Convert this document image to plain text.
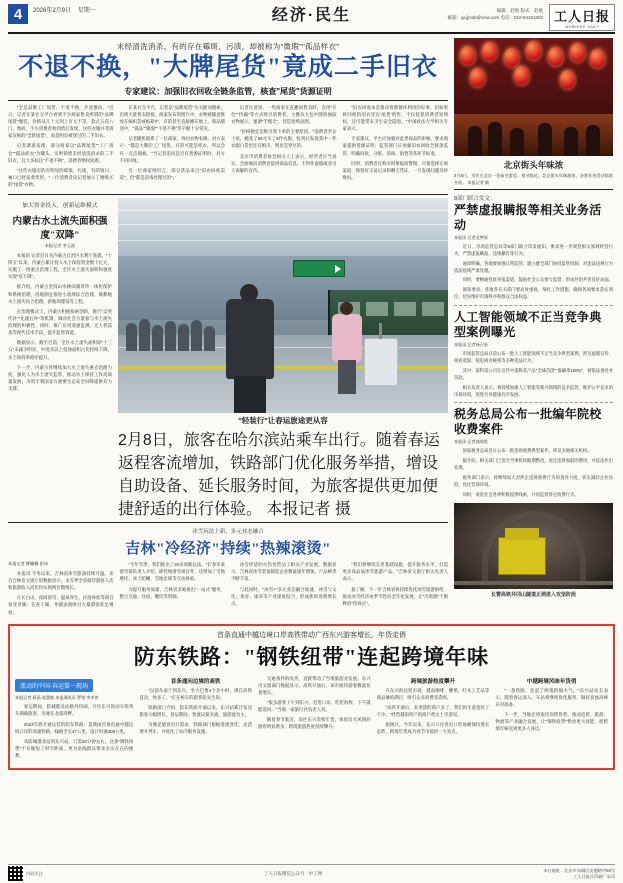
4	2026年2月9日 星期一	经济·民生	编辑：赵航 版式：赵航
邮箱：gr.jjmsb@sina.com 电话：010-84151602 工人日报
WORKERS' DAILY
未经清洗消杀、有的存在霉斑、污渍，却被称为"微瑕""孤品样衣"
不退不换，"大牌尾货"竟成二手旧衣
专家建议：加强旧衣回收全链条监管，核查"尾货"货源证明

"全是品牌工厂尾货，不退不换，介意慎拍。"近日，记者在某社交平台看到不少商家售卖所谓的"品牌尾货"服装，价格从几十元到上百元不等，款式五花八门。然而，不少消费者收到货后发现，这些衣服并非商家宣称的"全新尾货"，而是明显被穿过的二手旧衣。

记者调查发现，部分商家以"品牌尾货""工厂清仓""孤品样衣"为噱头，实则销售未经清洗消杀的二手旧衣，且大多标注"不退不换"，消费者维权困难。

"这些衣服有的有明显的霉斑、污渍，有的领口、袖口已经发黄变形。"一位消费者向记者展示了她购买的"尾货"衣物。

在某社交平台，记者以"品牌尾货"为关键词搜索，出现大量售卖链接。商家发布的图片中，衣物被随意堆放在编织袋或纸箱中，有的甚至直接摊在地上。商品描述中，"孤品""微瑕""不退不换"等字眼十分常见。

记者随机联系了一位商家，询问衣物来源。对方表示："都是大牌的工厂尾货，有的可能是样衣，所以会有一点点瑕疵。"当记者追问是否有货源证明时，对方不再回复。

另一位商家则坦言，部分货品来自"旧衣回收渠道"，但"都是消毒处理过的"。

记者注意到，一些商家在直播间售卖时，会用"开包""捡漏"等方式吸引消费者。主播从大包中随机抽取衣物展示，强调"手慢无"，营造抢购氛围。

"价格便宜是吸引我下单的主要原因。"消费者李女士说，她花了59元买了3件衣服，收到后发现其中一件衣服口袋里还有纸巾，明显是穿过的。

北京市消费者协会相关人士表示，经营者应当真实、全面地向消费者提供商品信息，不得作虚假或者引人误解的宣传。

"旧衣回收本是推动资源循环利用的好事，但如果将回收的旧衣冒充'尾货'销售，不仅侵犯消费者知情权，还可能带来卫生安全隐患。"中国政法大学相关专家表示。

专家建议，平台应加强对此类商品的审核，要求商家提供货源证明；监管部门应加强旧衣回收全链条监管，明确回收、分拣、消毒、销售等各环节标准。

同时，消费者在购买时要提高警惕，尽量选择正规渠道，保留好交易记录和聊天凭证，一旦发现问题及时维权。

加大资金投入，创新运维模式
内蒙古水土流失面积强度"双降"
本报记者 李玉波

本报讯 记者近日从内蒙古自治区水利厅获悉，"十四五"以来，内蒙古累计投入水土保持资金数十亿元，实施了一批重点治理工程，全区水土流失面积和强度实现"双下降"。

据介绍，内蒙古坚持山水林田湖草沙一体化保护和系统治理，因地制宜推进小流域综合治理、坡耕地水土流失综合治理、淤地坝建设等工程。

在治理模式上，内蒙古积极探索创新，推行"以奖代补""先建后补"等机制，调动社会力量参与水土流失治理的积极性。同时，推广应用遥感监测、无人机巡查等现代技术手段，提升监管效能。

数据显示，截至目前，全区水土流失面积较"十三五"末减少明显，中度及以上侵蚀面积占比持续下降，水土保持率稳步提升。

下一步，内蒙古将继续加大水土流失重点治理力度，强化人为水土流失监管，推动水土保持工作高质量发展，为筑牢我国北方重要生态安全屏障提供有力支撑。

"轻装行"让春运旅途更从容
2月8日，旅客在哈尔滨站乘车出行。随着春运返程客流增加，铁路部门优化服务举措，增设自助设备、延长服务时间，为旅客提供更加便捷舒适的出行体验。 本报记者 摄
冰雪玩法上新，多元业态融合
吉林"冷经济"持续"热辣滚烫"
本报记者 柳姗姗 彭冰

本报讯 今冬以来，吉林省冰雪旅游持续升温。来自吉林省文旅厅的数据显示，本雪季全省接待游客人次和旅游收入同比均实现两位数增长。

在长白山，夜间滑雪、温泉养生、民俗体验等项目备受青睐；在查干湖，冬捕表演吸引大量游客驻足观看。

"今年雪季，我们推出了20多项新玩法。"长春市某滑雪场负责人介绍，除传统滑雪项目外，还增加了雪地摩托、冰上陀螺、雪地足球等互动体验。

为提升服务质量，吉林省多地推出"一站式"服务，整合交通、住宿、餐饮等资源。

冰雪经济的火热也带动了相关产业发展。数据显示，吉林省冰雪装备制造企业数量逐年增加，产品种类不断丰富。

与此同时，"冰雪+"多元业态融合加速，冰雪与文化、体育、康养等产业深度结合，形成新的消费增长点。

"我们将继续完善基础设施，提升服务水平，打造更多高品质冰雪旅游产品。"吉林省文旅厅相关负责人表示。

据了解，下一步吉林省将持续优化冰雪旅游供给，推动冰雪经济由季节性向全年化发展，让"冷资源"不断释放"热效应"。

北京街头年味浓
2月8日，市民在北京一处庙会游览。春节临近，北京街头年味渐浓，各类年俗活动陆续开展。 本报记者 摄
8部门联合发文：
严禁虚报瞒报等相关业务活动
本报讯 记者北梦原

近日，市场监管总局等8部门联合印发通知，要求进一步规范相关领域经营行为，严禁虚报瞒报、违规操作等行为。

通知明确，各地要加强日常监管，建立健全部门协同监管机制，对违法违规行为依法依规严肃处理。

同时，要畅通投诉举报渠道，鼓励社会公众参与监督，形成共治共管良好局面。

通知要求，各地各有关部门要高度重视，细化工作措施，确保各项要求落实到位，切实维护市场秩序和群众合法权益。

人工智能领域不正当竞争典型案例曝光
本报讯 记者杨召奎

市场监管总局日前公布一批人工智能领域不正当竞争典型案例，涉及虚假宣传、商业诋毁、侵犯商业秘密等多种违法行为。

其中，某科技公司在宣传中谎称其产品"全球首创""准确率100%"，被依法查处并罚款。

相关负责人表示，将持续加强人工智能等新兴领域的竞争监管，维护公平竞争的市场环境，促进行业健康有序发展。

税务总局公布一批编年院校收费案件
本报讯 记者曲欣悦

国家税务总局近日公布一批违规收费典型案件，涉及多地相关机构。

据介绍，相关部门已责令当事机构限期整改，退还违规收取的费用，并依法作出处理。

税务部门表示，将继续加大对涉企违规收费行为的查处力度，切实减轻企业负担，优化营商环境。

同时，欢迎社会各界积极提供线索，共同监督涉企收费行为。

长赞高铁井冈山隧道正洞进入攻坚阶段
首条直通中越边境口岸高铁带动广西东兴游客增长，年货走俏
防东铁路："钢铁纽带"连起跨境年味
流动的中国·春运第一现场
本报记者 蒋菡 庞慧敏 本报通讯员 罗翔 李幸鸿

春运期间，防城港北站格外热闹。开往东兴的动车组列车满载旅客，奔驰在北部湾畔。

2023年底开通运营的防东铁路，是我国首条直通中越边境口岸的高速铁路，线路全长47公里，设计时速200公里。

从防城港北站到东兴站，只需20分钟左右。这条"钢铁纽带"不仅缩短了时空距离，更为沿线群众带来实实在在的便利。

首条通向边境的高铁

"以前从南宁到东兴，坐大巴要4个多小时，现在高铁直达，快多了。"正在候车的旅客张先生说。

铁路部门介绍，防东铁路开通以来，东兴站累计发送旅客大幅增长。春运期间，客流以探亲流、旅游流为主。

为满足旅客出行需求，铁路部门根据客流变化，灵活增开列车，并优化了站内服务设施。

交通条件的改善，直接带动了当地旅游业发展。东兴市文旅部门数据显示，高铁开通后，该市接待游客数量显著增长。

"很多游客上午到东兴，逛逛口岸、吃吃海鲜，下午就能返回。"当地一家旅行社负责人说。

随着春节临近，前往东兴采购年货、体验边关风情的游客明显增多，跨境旅游热度持续攀升。

跨境旅游热度攀升

在东兴的边贸市场，越南咖啡、腰果、红木工艺品等商品琳琅满目，吸引众多消费者选购。

"高铁开通后，来进货的商户多了，我们的生意也好了不少。"经营越南特产的商户黄女士笑着说。

据统计，今年以来，东兴口岸进出口贸易额保持增长态势，跨境年货成为春节市场的一大亮点。

中越跨境风味年货俏

"一条铁路，连起了两地的烟火气。"东兴站站长表示，随着春运深入，车站将继续优化服务，做好客流高峰应对准备。

下一步，当地还将依托高铁优势，推动边贸、旅游、物流等产业融合发展，让"钢铁纽带"释放更大效能，把跨境年味送到更多人身边。

扫码关注	工人日报微信公众号 · 中工网
本社地址：北京市东城区安德路甲68号
工人日报社印刷厂承印
